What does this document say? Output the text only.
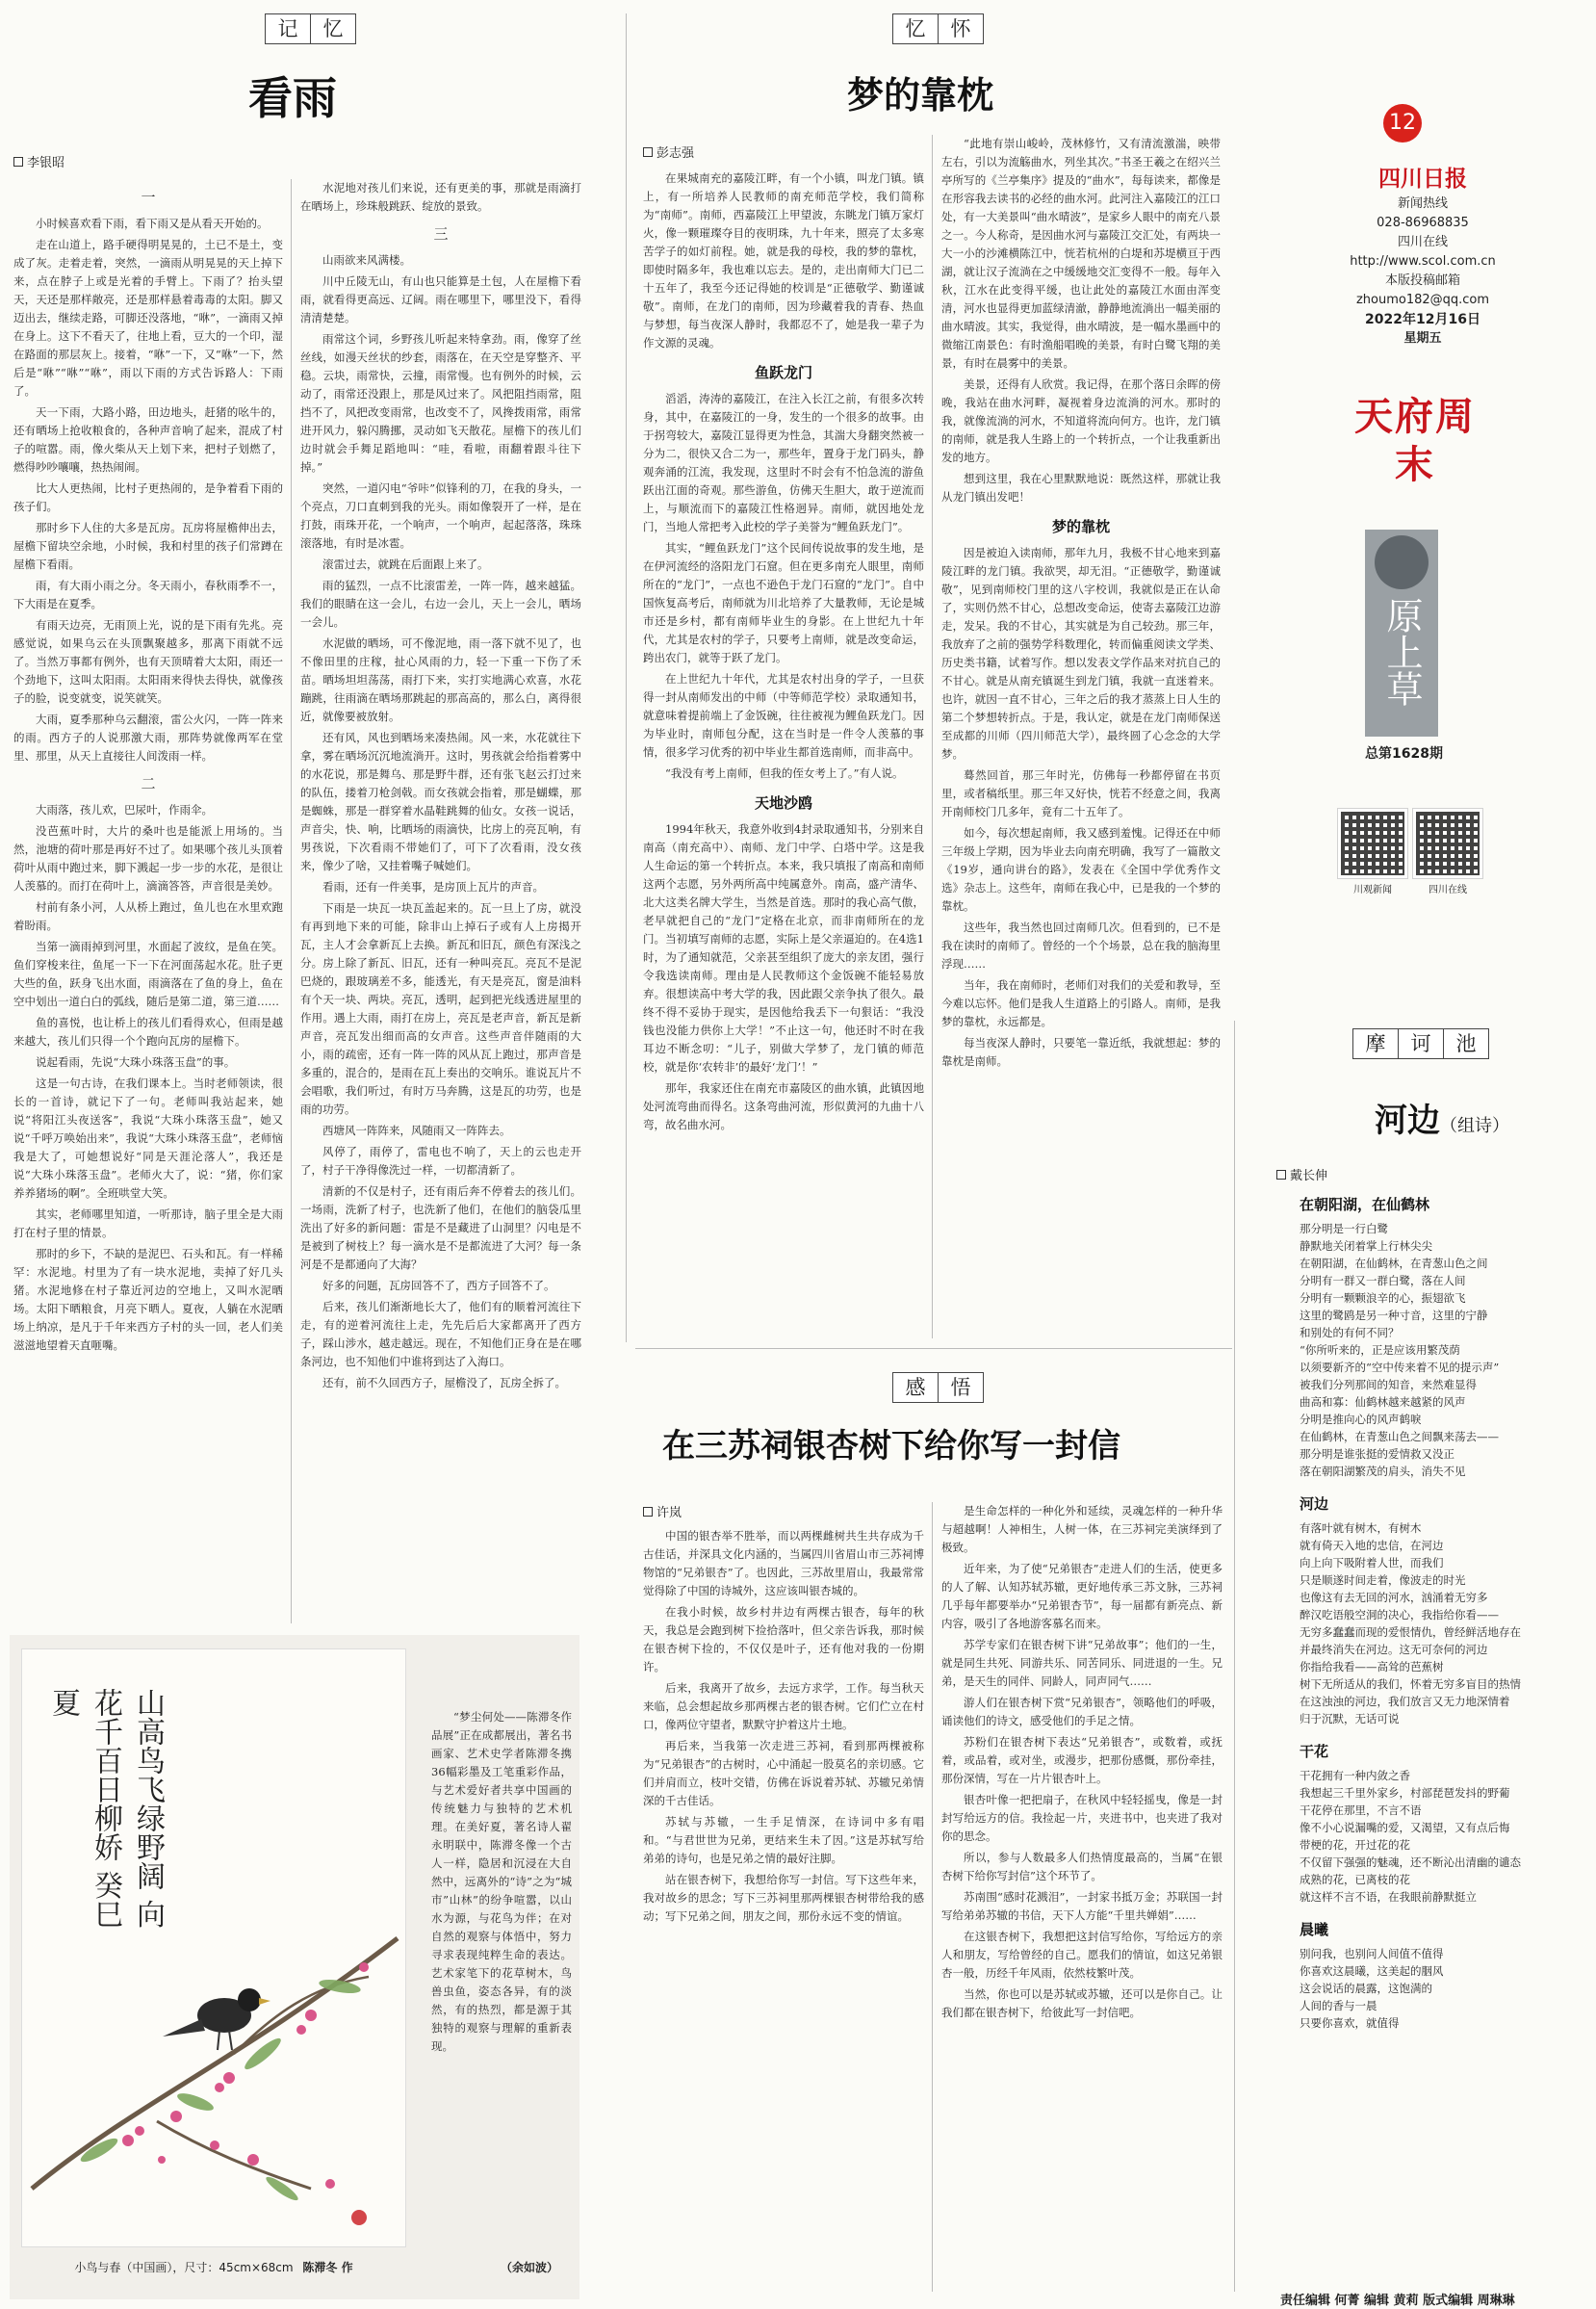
记	忆	忆	怀
感	悟
摩	诃	池
看雨
李银昭
一

小时候喜欢看下雨，看下雨又是从看天开始的。

走在山道上，路手硬得明晃晃的，土已不是土，变成了灰。走着走着，突然，一滴雨从明晃晃的天上掉下来，点在脖子上或是光着的手臂上。下雨了？抬头望天，天还是那样敞亮，还是那样悬着毒毒的太阳。脚又迈出去，继续走路，可脚还没落地，“咻”，一滴雨又掉在身上。这下不看天了，往地上看，豆大的一个印，湿在路面的那层灰上。接着，“咻”一下，又“咻”一下，然后是“咻”“咻”“咻”，雨以下雨的方式告诉路人：下雨了。

天一下雨，大路小路，田边地头，赶猪的吆牛的，还有晒场上抢收粮食的，各种声音响了起来，混成了村子的喧嚣。雨，像火柴从天上划下来，把村子划燃了，燃得吵吵嚷嚷，热热闹闹。

比大人更热闹，比村子更热闹的，是争着看下雨的孩子们。

那时乡下人住的大多是瓦房。瓦房将屋檐伸出去，屋檐下留块空余地，小时候，我和村里的孩子们常蹲在屋檐下看雨。

雨，有大雨小雨之分。冬天雨小，春秋雨季不一，下大雨是在夏季。

有雨天边亮，无雨顶上光，说的是下雨有先兆。亮感觉说，如果乌云在头顶飘聚越多，那离下雨就不远了。当然万事都有例外，也有天顶晴着大太阳，雨还一个劲地下，这叫太阳雨。太阳雨来得快去得快，就像孩子的脸，说变就变，说笑就笑。

大雨，夏季那种乌云翻滚，雷公火闪，一阵一阵来的雨。西方子的人说那激大雨，那阵势就像两军在堂里、那里，从天上直接往人间泼雨一样。

二

大雨落，孩儿欢，巴尿叶，作雨伞。

没芭蕉叶时，大片的桑叶也是能派上用场的。当然，池塘的荷叶那是再好不过了。如果哪个孩儿头顶着荷叶从雨中跑过来，脚下溅起一步一步的水花，是很让人羡慕的。而打在荷叶上，滴滴答答，声音很是美妙。

村前有条小河，人从桥上跑过，鱼儿也在水里欢跑着盼雨。

当第一滴雨掉到河里，水面起了波纹，是鱼在笑。鱼们穿梭来往，鱼尾一下一下在河面荡起水花。肚子更大些的鱼，跃身飞出水面，雨滴落在了鱼的身上，鱼在空中划出一道白白的弧线，随后是第二道，第三道……

鱼的喜悦，也让桥上的孩儿们看得欢心，但雨是越来越大，孩儿们只得一个个跑向瓦房的屋檐下。

说起看雨，先说“大珠小珠落玉盘”的事。

这是一句古诗，在我们课本上。当时老师领读，很长的一首诗，就记下了一句。老师叫我站起来，她说“将阳江头夜送客”，我说“大珠小珠落玉盘”，她又说“千呼万唤始出来”，我说“大珠小珠落玉盘”，老师恼我是大了，可她想说好“同是天涯沦落人”，我还是说“大珠小珠落玉盘”。老师火大了，说：“猪，你们家养养猪场的啊”。全班哄堂大笑。

其实，老师哪里知道，一听那诗，脑子里全是大雨打在村子里的情景。

那时的乡下，不缺的是泥巴、石头和瓦。有一样稀罕：水泥地。村里为了有一块水泥地，卖掉了好几头猪。水泥地修在村子靠近河边的空地上，又叫水泥晒场。太阳下晒粮食，月亮下晒人。夏夜，人躺在水泥晒场上纳凉，是凡于千年来西方子村的头一回，老人们美滋滋地望着天直咂嘴。

水泥地对孩儿们来说，还有更美的事，那就是雨滴打在晒场上，珍珠般跳跃、绽放的景致。

三

山雨欲来风满楼。

川中丘陵无山，有山也只能算是土包，人在屋檐下看雨，就看得更高远、辽阔。雨在哪里下，哪里没下，看得清清楚楚。

雨常这个词，乡野孩儿听起来特拿劲。雨，像穿了丝丝线，如漫天丝状的纱套，雨落在，在天空是穿整齐、平稳。云块，雨常快，云撞，雨常慢。也有例外的时候，云动了，雨常还没跟上，那是风过来了。风把阻挡雨常，阻挡不了，风把改变雨常，也改变不了，风搀拨雨常，雨常进开风力，躲闪腾挪，灵动如飞天散花。屋檐下的孩儿们边时就会手舞足蹈地叫：“哇，看啦，雨翻着跟斗往下掉。”

突然，一道闪电“爷咔”似锋利的刀，在我的身头，一个亮点，刀口直刺到我的光头。雨如像裂开了一样，是在打鼓，雨珠开花，一个响声，一个响声，起起落落，珠珠滚落地，有时是冰雹。

滚雷过去，就跳在后面跟上来了。

雨的猛烈，一点不比滚雷差，一阵一阵，越来越猛。我们的眼睛在这一会儿，右边一会儿，天上一会儿，晒场一会儿。

水泥做的晒场，可不像泥地，雨一落下就不见了，也不像田里的庄稼，扯心风雨的力，轻一下重一下伤了禾苗。晒场坦坦荡荡，雨打下来，实打实地满心欢喜，水花蹦跳，往雨滴在晒场那跳起的那高高的，那么白，离得很近，就像要被放射。

还有风，风也到晒场来凑热闹。风一来，水花就往下拿，雾在晒场沉沉地流淌开。这时，男孩就会给指着雾中的水花说，那是舞乌、那是野牛群，还有张飞赵云打过来的队伍，搂着刀枪剑戟。而女孩就会指着，那是蝴蝶，那是蜘蛛，那是一群穿着水晶鞋跳舞的仙女。女孩一说话，声音尖，快、响，比晒场的雨滴快，比房上的亮瓦响，有男孩说，下次看雨不带她们了，可下了次看雨，没女孩来，像少了啥，又挂着嘴子喊她们。

看雨，还有一件美事，是房顶上瓦片的声音。

下雨是一块瓦一块瓦盖起来的。瓦一旦上了房，就没有再到地下来的可能，除非山上掉石子或有人上房揭开瓦，主人才会拿新瓦上去换。新瓦和旧瓦，颜色有深浅之分。房上除了新瓦、旧瓦，还有一种叫亮瓦。亮瓦不是泥巴烧的，跟玻璃差不多，能透光，有天是亮瓦，窗是油料有个天一块、两块。亮瓦，透明，起到把光线透进屋里的作用。遇上大雨，雨打在房上，亮瓦是老声音，新瓦是新声音，亮瓦发出细而高的女声音。这些声音伴随雨的大小，雨的疏密，还有一阵一阵的风从瓦上跑过，那声音是多重的，混合的，是雨在瓦上奏出的交响乐。谁说瓦片不会唱歌，我们听过，有时万马奔腾，这是瓦的功劳，也是雨的功劳。

西塘风一阵阵来，风随雨又一阵阵去。

风停了，雨停了，雷电也不响了，天上的云也走开了，村子干净得像洗过一样，一切都清新了。

清新的不仅是村子，还有雨后奔不停着去的孩儿们。一场雨，洗新了村子，也洗新了他们，在他们的脑袋瓜里洗出了好多的新问题：雷是不是藏进了山洞里？闪电是不是被到了树枝上？每一滴水是不是都流进了大河？每一条河是不是都通向了大海？

好多的问题，瓦房回答不了，西方子回答不了。

后来，孩儿们渐渐地长大了，他们有的顺着河流往下走，有的逆着河流往上走，先先后后大家都离开了西方子，踩山涉水，越走越远。现在，不知他们正身在是在哪条河边，也不知他们中谁将到达了入海口。

还有，前不久回西方子，屋檐没了，瓦房全拆了。

梦的靠枕
彭志强

在果城南充的嘉陵江畔，有一个小镇，叫龙门镇。镇上，有一所培养人民教师的南充师范学校，我们简称为“南师”。南师，西嘉陵江上甲望波，东眺龙门镇万家灯火，像一颗璀璨夺目的夜明珠，九十年来，照亮了太多寒苦学子的如灯前程。她，就是我的母校，我的梦的靠枕，即使时隔多年，我也难以忘去。是的，走出南师大门已二十五年了，我至今还记得她的校训是“正德敬学、勤谨诚敬”。南师，在龙门的南师，因为珍藏着我的青春、热血与梦想，每当夜深人静时，我都忍不了，她是我一辈子为作文源的灵魂。

鱼跃龙门

滔滔，涛涛的嘉陵江，在注入长江之前，有很多次转身，其中，在嘉陵江的一身，发生的一个很多的故事。由于拐弯较大，嘉陵江显得更为性急，其湍大身翻突然被一分为二，很快又合二为一，那些年，置身于龙门码头，静观奔涌的江流，我发现，这里时不时会有不怕急流的游鱼跃出江面的奇观。那些游鱼，仿佛天生胆大，敢于逆流而上，与顺流而下的嘉陵江性格迥异。南师，就因地处龙门，当地人常把考入此校的学子美誉为“鲤鱼跃龙门”。

其实，“鲤鱼跃龙门”这个民间传说故事的发生地，是在伊河流经的洛阳龙门石窟。但在更多南充人眼里，南师所在的“龙门”，一点也不逊色于龙门石窟的“龙门”。自中国恢复高考后，南师就为川北培养了大量教师，无论是城市还是乡村，都有南师毕业生的身影。在上世纪九十年代，尤其是农村的学子，只要考上南师，就是改变命运，跨出农门，就等于跃了龙门。

在上世纪九十年代，尤其是农村出身的学子，一旦获得一封从南师发出的中师（中等师范学校）录取通知书，就意味着提前端上了金饭碗，往往被视为鲤鱼跃龙门。因为毕业时，南师包分配，这在当时是一件令人羡慕的事情，很多学习优秀的初中毕业生都首选南师，而非高中。

“我没有考上南师，但我的侄女考上了。”有人说。

天地沙鸥

1994年秋天，我意外收到4封录取通知书，分别来自南高（南充高中）、南师、龙门中学、白塔中学。这是我人生命运的第一个转折点。本来，我只填报了南高和南师这两个志愿，另外两所高中纯属意外。南高，盛产清华、北大这类名牌大学生，当然是首选。那时的我心高气傲，老早就把自己的“龙门”定格在北京，而非南师所在的龙门。当初填写南师的志愿，实际上是父亲逼迫的。在4选1时，为了通知就范，父亲甚至组织了庞大的亲友团，强行令我选读南师。理由是人民教师这个金饭碗不能轻易放弃。很想读高中考大学的我，因此跟父亲争执了很久。最终不得不妥协于现实，是因他给我丢下一句狠话：“我没钱也没能力供你上大学！”不止这一句，他还时不时在我耳边不断念叨：“儿子，别做大学梦了，龙门镇的师范校，就是你‘农转非’的最好‘龙门’！”

那年，我家还住在南充市嘉陵区的曲水镇，此镇因地处河流弯曲而得名。这条弯曲河流，形似黄河的九曲十八弯，故名曲水河。

“此地有崇山峻岭，茂林修竹，又有清流激湍，映带左右，引以为流觞曲水，列坐其次。”书圣王羲之在绍兴兰亭所写的《兰亭集序》提及的“曲水”，每每读来，都像是在形容我去读书的必经的曲水河。此河注入嘉陵江的江口处，有一大美景叫“曲水晴波”，是家乡人眼中的南充八景之一。今人称奇，是因曲水河与嘉陵江交汇处，有两块一大一小的沙滩横陈江中，恍若杭州的白堤和苏堤横亘于西湖，就让汉子流淌在之中缓缓地交汇变得不一般。每年入秋，江水在此变得平缓，也让此处的嘉陵江水面由浑变清，河水也显得更加蓝绿清澈，静静地流淌出一幅美丽的曲水晴波。其实，我觉得，曲水晴波，是一幅水墨画中的微缩江南景色：有时渔船唱晚的美景，有时白鹭飞翔的美景，有时在晨雾中的美景。

美景，还得有人欣赏。我记得，在那个落日余晖的傍晚，我站在曲水河畔，凝视着身边流淌的河水。那时的我，就像流淌的河水，不知道将流向何方。也许，龙门镇的南师，就是我人生路上的一个转折点，一个让我重新出发的地方。

想到这里，我在心里默默地说：既然这样，那就让我从龙门镇出发吧！

梦的靠枕

因是被迫入读南师，那年九月，我极不甘心地来到嘉陵江畔的龙门镇。我欲哭，却无泪。“正德敬学，勤谨诚敬”，见到南师校门里的这八字校训，我就似是正在认命了，实则仍然不甘心，总想改变命运，使寄去嘉陵江边游走，发呆。我的不甘心，其实就是为自己较劲。那三年，我放弃了之前的强势学科数理化，转而偏重阅读文学类、历史类书籍，试着写作。想以发表文学作品来对抗自己的不甘心。就是从南充镇诞生到龙门镇，我就一直迷着来。也许，就因一直不甘心，三年之后的我才蒸蒸上日人生的第二个梦想转折点。于是，我认定，就是在龙门南师保送至成都的川师（四川师范大学），最终圆了心念念的大学梦。

蓦然回首，那三年时光，仿佛每一秒都停留在书页里，或者稿纸里。那三年又好快，恍若不经意之间，我离开南师校门几多年，竟有二十五年了。

如今，每次想起南师，我又感到羞愧。记得还在中师三年级上学期，因为毕业去向南充明确，我写了一篇散文《19岁，通向讲台的路》，发表在《全国中学优秀作文选》杂志上。这些年，南师在我心中，已是我的一个梦的靠枕。

这些年，我当然也回过南师几次。但看到的，已不是我在读时的南师了。曾经的一个个场景，总在我的脑海里浮现……

当年，我在南师时，老师们对我们的关爱和教导，至今难以忘怀。他们是我人生道路上的引路人。南师，是我梦的靠枕，永远都是。

每当夜深人静时，只要笔一靠近纸，我就想起：梦的靠枕是南师。

在三苏祠银杏树下给你写一封信
许岚

中国的银杏举不胜举，而以两棵雌树共生共存成为千古佳话，并深具文化内涵的，当属四川省眉山市三苏祠博物馆的“兄弟银杏”了。也因此，三苏故里眉山，我最常常觉得除了中国的诗城外，这应该叫银杏城的。

在我小时候，故乡村井边有两棵古银杏，每年的秋天，我总是会跑到树下捡拾落叶，但父亲告诉我，那时候在银杏树下捡的，不仅仅是叶子，还有他对我的一份期许。

后来，我离开了故乡，去远方求学，工作。每当秋天来临，总会想起故乡那两棵古老的银杏树。它们伫立在村口，像两位守望者，默默守护着这片土地。

再后来，当我第一次走进三苏祠，看到那两棵被称为“兄弟银杏”的古树时，心中涌起一股莫名的亲切感。它们并肩而立，枝叶交错，仿佛在诉说着苏轼、苏辙兄弟情深的千古佳话。

苏轼与苏辙，一生手足情深，在诗词中多有唱和。“与君世世为兄弟，更结来生未了因。”这是苏轼写给弟弟的诗句，也是兄弟之情的最好注脚。

站在银杏树下，我想给你写一封信。写下这些年来，我对故乡的思念；写下三苏祠里那两棵银杏树带给我的感动；写下兄弟之间，朋友之间，那份永远不变的情谊。

是生命怎样的一种化外和延续，灵魂怎样的一种升华与超越啊！人神相生，人树一体，在三苏祠完美演绎到了极致。

近年来，为了使“兄弟银杏”走进人们的生活，使更多的人了解、认知苏轼苏辙，更好地传承三苏文脉，三苏祠几乎每年都要举办“兄弟银杏节”，每一届都有新亮点、新内容，吸引了各地游客慕名而来。

苏学专家们在银杏树下讲“兄弟故事”；他们的一生，就是同生共死、同游共乐、同苦同乐、同进退的一生。兄弟，是天生的同伴、同龄人，同声同气……

游人们在银杏树下赏“兄弟银杏”，领略他们的呼吸，诵读他们的诗文，感受他们的手足之情。

苏粉们在银杏树下表达“兄弟银杏”，或数着，或抚着，或品着，或对坐，或漫步，把那份感慨，那份牵挂，那份深情，写在一片片银杏叶上。

银杏叶像一把把扇子，在秋风中轻轻摇曳，像是一封封写给远方的信。我捡起一片，夹进书中，也夹进了我对你的思念。

所以，参与人数最多人们热情度最高的，当属“在银杏树下给你写封信”这个环节了。

苏南围“感时花溅泪”，一封家书抵万金；苏联国一封写给弟弟苏辙的书信，天下人方能“千里共婵娟”……

在这银杏树下，我想把这封信写给你，写给远方的亲人和朋友，写给曾经的自己。愿我们的情谊，如这兄弟银杏一般，历经千年风雨，依然枝繁叶茂。

当然，你也可以是苏轼或苏辙，还可以是你自己。让我们都在银杏树下，给彼此写一封信吧。

山高鸟飞绿野阔 向花千百日柳娇 癸巳夏
小鸟与春（中国画），尺寸：45cm×68cm 陈滞冬 作

“梦尘何处——陈滞冬作品展”正在成都展出，著名书画家、艺术史学者陈滞冬携36幅彩墨及工笔重彩作品，与艺术爱好者共享中国画的传统魅力与独特的艺术机理。在美好夏，著名诗人翟永明联中，陈滞冬像一个古人一样，隐居和沉浸在大自然中，远离外的“诗”之为“城市”山林”的纷争喧嚣，以山水为源，与花鸟为伴；在对自然的观察与体悟中，努力寻求表现纯粹生命的表达。艺术家笔下的花草树木，鸟兽虫鱼，姿态各异，有的淡然，有的热烈，都是源于其独特的观察与理解的重新表现。

（余如波）
12
四川日报
新闻热线
028-86968835
四川在线
http://www.scol.com.cn
本版投稿邮箱
zhoumo182@qq.com
2022年12月16日
星期五
天府周末
原上草
总第1628期
川观新闻	四川在线
河边（组诗）
戴长伸
在朝阳湖，在仙鹤林
那分明是一行白鹭
静默地关闭着掌上行林尖尖
在朝阳湖，在仙鹤林，在青葱山色之间
分明有一群又一群白鹭，落在人间
分明有一颗颗浪辛的心，振翅欲飞
这里的鹭鸥是另一种寸音，这里的宁静
和别处的有何不同？
“你所听来的，正是应该用繁茂荫
以须要新齐的“空中传来着不见的提示声”
被我们分列那间的知音，来然难显得
曲高和寡：仙鹤林越来越紧的风声
分明是推向心的风声鹤唳
在仙鹤林，在青葱山色之间飘来荡去——
那分明是谁张挺的爱情救又没正
落在朝阳湖繁茂的肩头，消失不见
河边
有落叶就有树木，有树木
就有倚天入地的忠信，在河边
向上向下吸附着人世，而我们
只是顺遂时间走着，像波走的时光
也像这有去无回的河水，汹涌着无穷多
醉汉吃语般空洞的决心，我指给你看——
无穷多蠢蠢而现的爱恨情仇，曾经鲜活地存在
并最终消失在河边。这无可奈何的河边
你指给我看——高耸的芭蕉树
树下无所适从的我们，怀着无穷多盲目的热情
在这浊浊的河边，我们放言又无力地深情着
归于沉默，无话可说
干花
干花拥有一种内敛之香
我想起三千里外家乡，村部琵琶发抖的野葡
干花停在那里，不言不语
像不小心说漏嘴的爱，又渴望，又有点后悔
带梗的花，开过花的花
不仅留下强强的魅魂，还不断沁出清幽的谴态
成熟的花，已离枝的花
就这样不言不语，在我眼前静默挺立
晨曦
别问我，也别问人间值不值得
你喜欢这晨曦，这美起的胭风
这会说话的晨露，这饱满的
人间的香与一晨
只要你喜欢，就值得
责任编辑 何菁 编辑 黄莉 版式编辑 周琳琳
